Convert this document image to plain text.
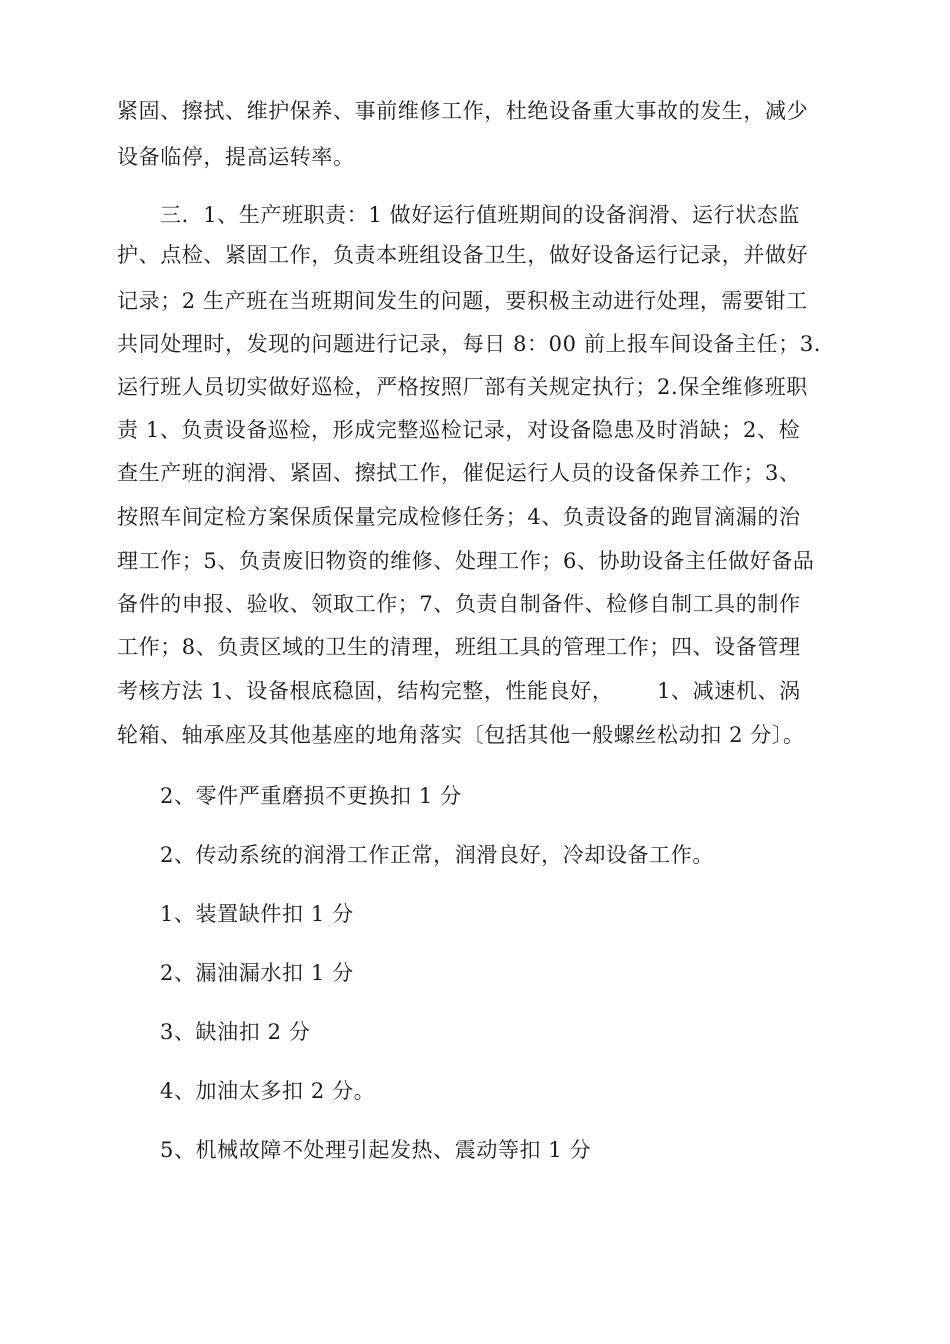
紧固、擦拭、维护保养、事前维修工作，杜绝设备重大事故的发生，减少
设备临停，提高运转率。
三．1、生产班职责：1 做好运行值班期间的设备润滑、运行状态监
护、点检、紧固工作，负责本班组设备卫生，做好设备运行记录，并做好
记录；2 生产班在当班期间发生的问题，要积极主动进行处理，需要钳工
共同处理时，发现的问题进行记录，每日 8：00 前上报车间设备主任；3.
运行班人员切实做好巡检，严格按照厂部有关规定执行；2.保全维修班职
责 1、负责设备巡检，形成完整巡检记录，对设备隐患及时消缺；2、检
查生产班的润滑、紧固、擦拭工作，催促运行人员的设备保养工作；3、
按照车间定检方案保质保量完成检修任务；4、负责设备的跑冒滴漏的治
理工作；5、负责废旧物资的维修、处理工作；6、协助设备主任做好备品
备件的申报、验收、领取工作；7、负责自制备件、检修自制工具的制作
工作；8、负责区域的卫生的清理，班组工具的管理工作；四、设备管理
考核方法 1、设备根底稳固，结构完整，性能良好，      1、减速机、涡
轮箱、轴承座及其他基座的地角落实〔包括其他一般螺丝松动扣 2 分〕。
2、零件严重磨损不更换扣 1 分
2、传动系统的润滑工作正常，润滑良好，冷却设备工作。
1、装置缺件扣 1 分
2、漏油漏水扣 1 分
3、缺油扣 2 分
4、加油太多扣 2 分。
5、机械故障不处理引起发热、震动等扣 1 分
